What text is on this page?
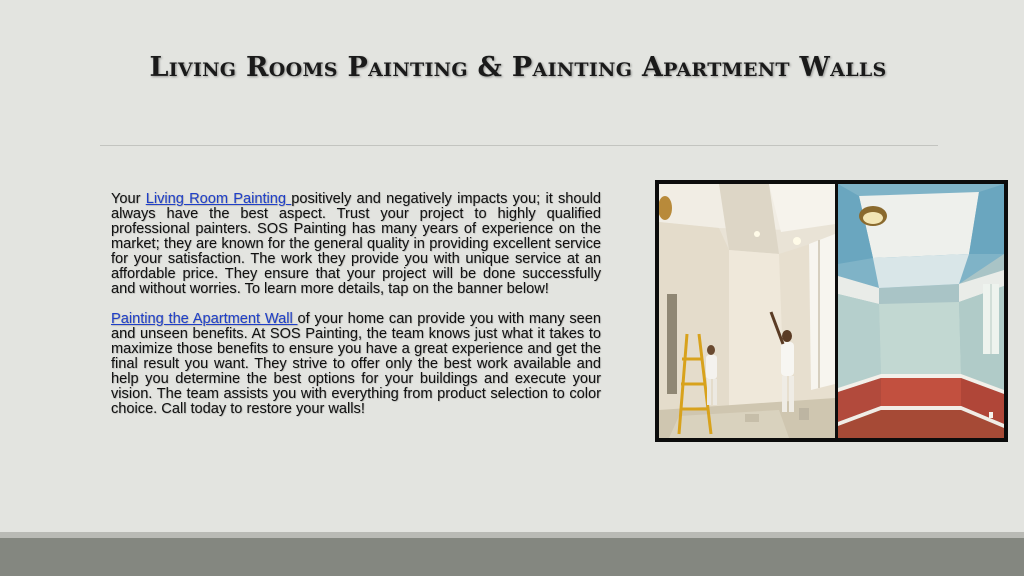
Living Rooms Painting & Painting Apartment Walls

Your Living Room Painting positively and negatively impacts you; it should always have the best aspect. Trust your project to highly qualified professional painters. SOS Painting has many years of experience on the market; they are known for the general quality in providing excellent service for your satisfaction. The work they provide you with unique service at an affordable price. They ensure that your project will be done successfully and without worries. To learn more details, tap on the banner below!

Painting the Apartment Wall of your home can provide you with many seen and unseen benefits. At SOS Painting, the team knows just what it takes to maximize those benefits to ensure you have a great experience and get the final result you want. They strive to offer only the best work available and help you determine the best options for your buildings and execute your vision. The team assists you with everything from product selection to color choice. Call today to restore your walls!
